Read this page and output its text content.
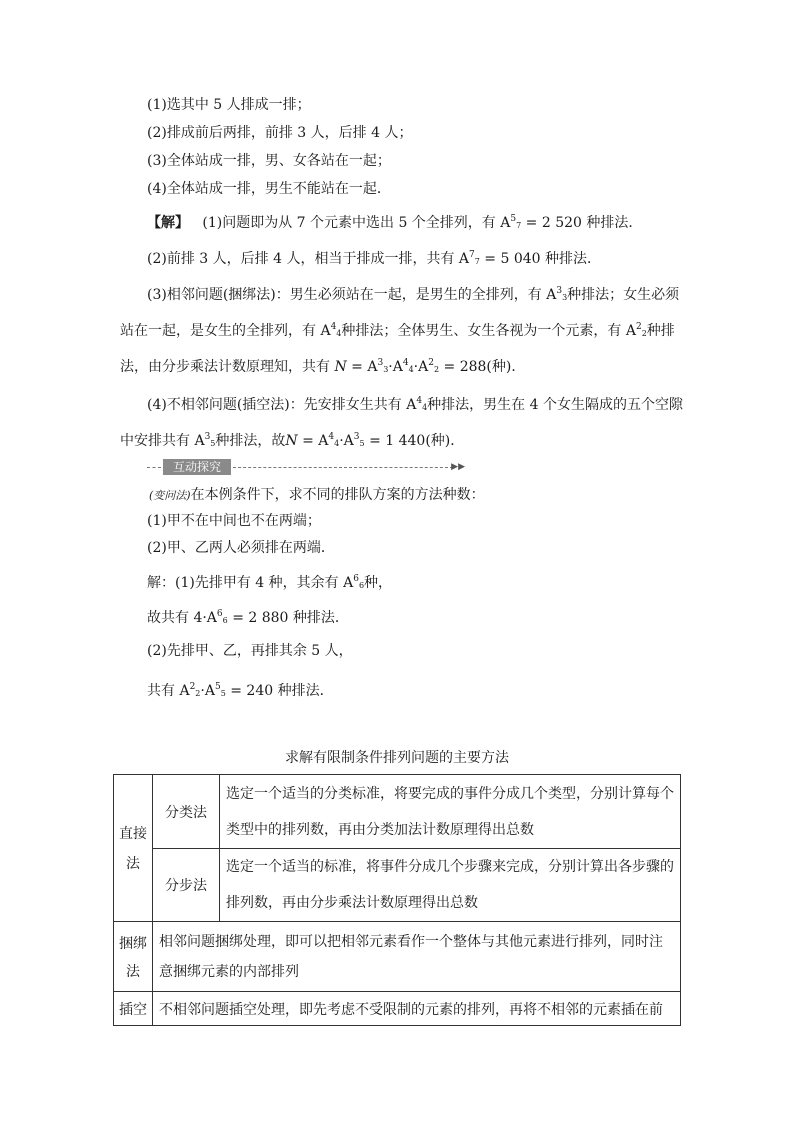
(1)选其中 5 人排成一排；
(2)排成前后两排，前排 3 人，后排 4 人；
(3)全体站成一排，男、女各站在一起；
(4)全体站成一排，男生不能站在一起．
【解】 (1)问题即为从 7 个元素中选出 5 个全排列，有 $A^57 = 2$ 520 种排法．
(2)前排 3 人，后排 4 人，相当于排成一排，共有 $A^77 = 5$ 040 种排法．
(3)相邻问题(捆绑法)：男生必须站在一起，是男生的全排列，有 $A^33$种排法；女生必须
站在一起，是女生的全排列，有 $A^44$种排法；全体男生、女生各视为一个元素，有 $A^22$种排
法，由分步乘法计数原理知，共有 $N = A^33\cdot A^44\cdot A^22 = 288$(种)．
(4)不相邻问题(插空法)：先安排女生共有 $A^44$种排法，男生在 4 个女生隔成的五个空隙
中安排共有 $A^35$种排法，故$N = A^44\cdot A^35 = 1$ 440(种)．
互动探究	▶▶
(变问法)在本例条件下，求不同的排队方案的方法种数：
(1)甲不在中间也不在两端；
(2)甲、乙两人必须排在两端．
解：(1)先排甲有 4 种，其余有 $A^66$种，
故共有 $4\cdot A^66 = 2$ 880 种排法．
(2)先排甲、乙，再排其余 5 人，
共有 $A^22\cdot A^55 = 240$ 种排法．
求解有限制条件排列问题的主要方法
直接
法	分类法	选定一个适当的分类标准，将要完成的事件分成几个类型，分别计算每个类型中的排列数，再由分类加法计数原理得出总数
	分步法	选定一个适当的标准，将事件分成几个步骤来完成，分别计算出各步骤的排列数，再由分步乘法计数原理得出总数

捆绑
法	相邻问题捆绑处理，即可以把相邻元素看作一个整体与其他元素进行排列，同时注意捆绑元素的内部排列	
插空	不相邻问题插空处理，即先考虑不受限制的元素的排列，再将不相邻的元素插在前	
